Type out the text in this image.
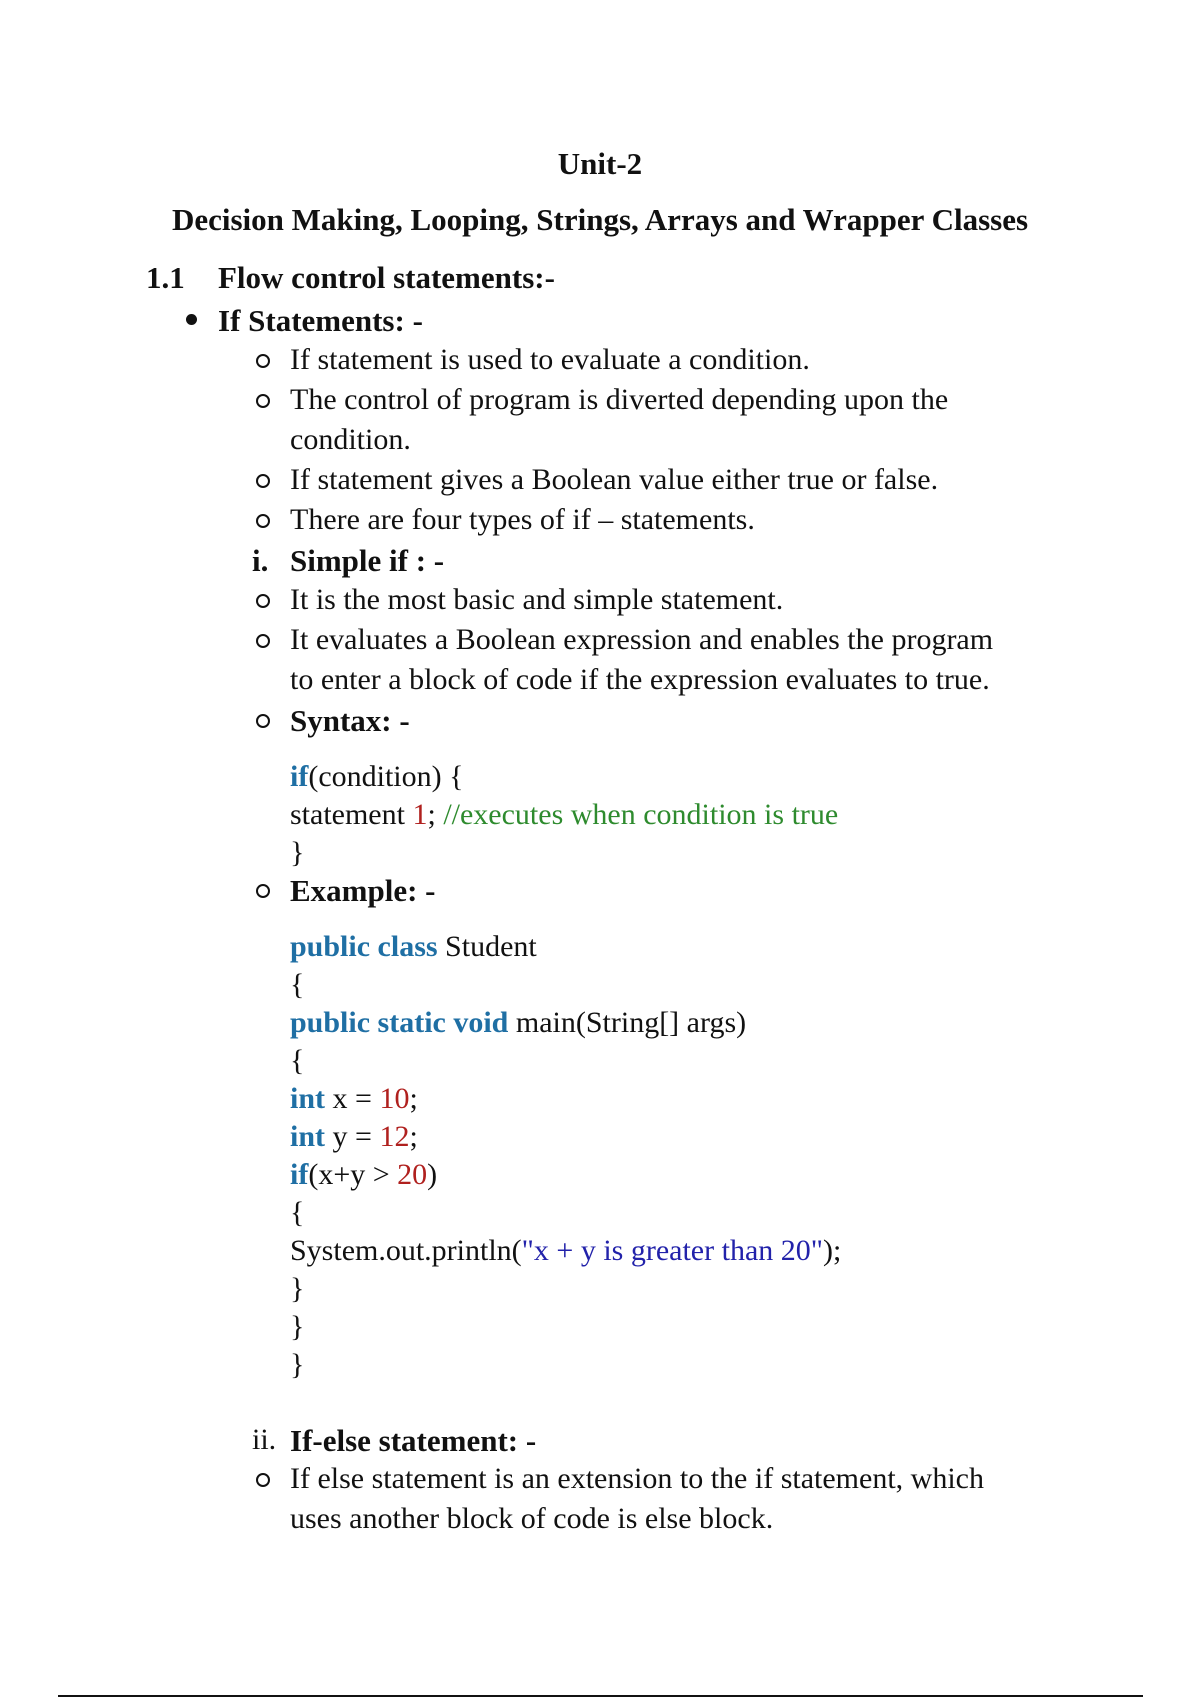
Unit-2
Decision Making, Looping, Strings, Arrays and Wrapper Classes
1.1 Flow control statements:-
If Statements: -
If statement is used to evaluate a condition.
The control of program is diverted depending upon the
condition.
If statement gives a Boolean value either true or false.
There are four types of if – statements.
i. Simple if : -
It is the most basic and simple statement.
It evaluates a Boolean expression and enables the program
to enter a block of code if the expression evaluates to true.
Syntax: -
if(condition) {
statement 1; //executes when condition is true
}
Example: -
public class Student
{
public static void main(String[] args)
{
int x = 10;
int y = 12;
if(x+y > 20)
{
System.out.println("x + y is greater than 20");
}
}
}
ii. If-else statement: -
If else statement is an extension to the if statement, which
uses another block of code is else block.
